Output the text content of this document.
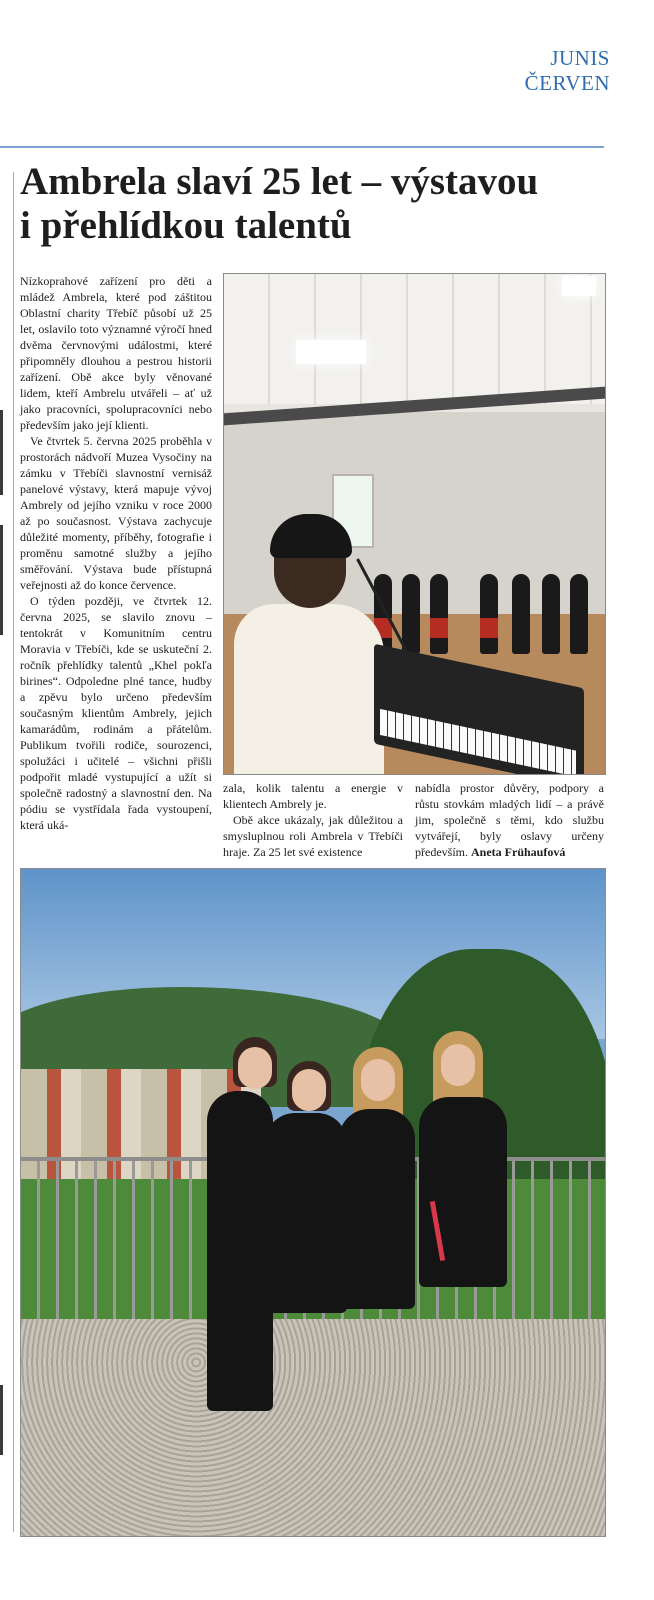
JUNIS
ČERVEN
Ambrela slaví 25 let – výstavou
i přehlídkou talentů

Nízkoprahové zařízení pro děti a mládež Ambrela, které pod záštitou Oblastní charity Třebíč působí už 25 let, oslavilo toto významné výročí hned dvěma červnovými událostmi, které připomněly dlouhou a pestrou historii zařízení. Obě akce byly věnované lidem, kteří Ambrelu utvářeli – ať už jako pracovníci, spolupracovníci nebo především jako její klienti.

Ve čtvrtek 5. června 2025 proběhla v prostorách nádvoří Muzea Vysočiny na zámku v Třebíči slavnostní vernisáž panelové výstavy, která mapuje vývoj Ambrely od jejího vzniku v roce 2000 až po současnost. Výstava zachycuje důležité momenty, příběhy, fotografie i proměnu samotné služby a jejího směřování. Výstava bude přístupná veřejnosti až do konce července.

O týden později, ve čtvrtek 12. června 2025, se slavilo znovu – tentokrát v Komunitním centru Moravia v Třebíči, kde se uskuteční 2. ročník přehlídky talentů „Khel pokľa birines“. Odpoledne plné tance, hudby a zpěvu bylo určeno především současným klientům Ambrely, jejich kamarádům, rodinám a přátelům. Publikum tvořili rodiče, sourozenci, spolužáci i učitelé – všichni přišli podpořit mladé vystupující a užít si společně radostný a slavnostní den. Na pódiu se vystřídala řada vystoupení, která uká-

zala, kolik talentu a energie v klientech Ambrely je.

Obě akce ukázaly, jak důležitou a smysluplnou roli Ambrela v Třebíči hraje. Za 25 let své existence

nabídla prostor důvěry, podpory a růstu stovkám mladých lidí – a právě jim, společně s těmi, kdo službu vytvářejí, byly oslavy určeny především. Aneta Frühaufová
